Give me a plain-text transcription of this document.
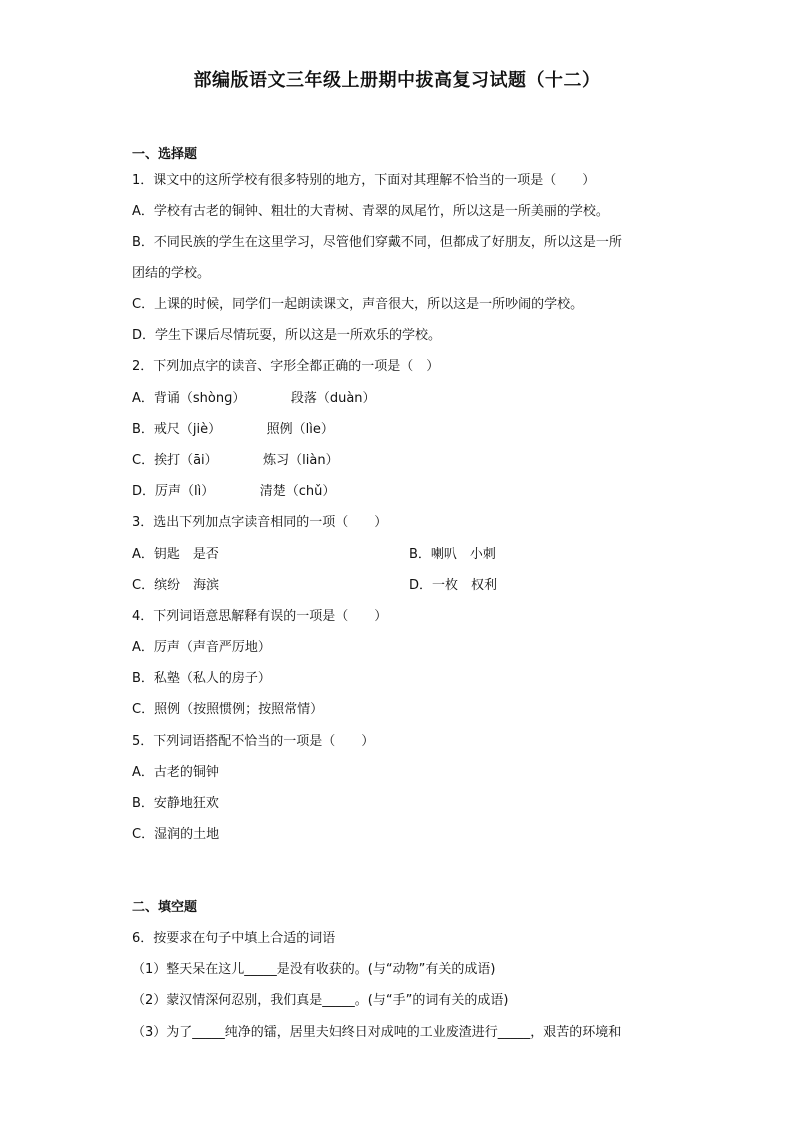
部编版语文三年级上册期中拔高复习试题（十二）
一、选择题
1．课文中的这所学校有很多特别的地方，下面对其理解不恰当的一项是（　　）
A．学校有古老的铜钟、粗壮的大青树、青翠的凤尾竹，所以这是一所美丽的学校。
B．不同民族的学生在这里学习，尽管他们穿戴不同，但都成了好朋友，所以这是一所
团结的学校。
C．上课的时候，同学们一起朗读课文，声音很大，所以这是一所吵闹的学校。
D．学生下课后尽情玩耍，所以这是一所欢乐的学校。
2．下列加点字的读音、字形全都正确的一项是（　）
A．背诵（shònɡ）　　　　段落（duàn）
B．戒尺（jiè）　　　　照例（lìe）
C．挨打（āi）　　　　炼习（liàn）
D．厉声（lì）　　　　清楚（chǔ）
3．选出下列加点字读音相同的一项（　　）
A．钥匙　是否	B．喇叭　小刺
C．缤纷　海滨	D．一枚　权利
4．下列词语意思解释有误的一项是（　　）
A．厉声（声音严厉地）
B．私塾（私人的房子）
C．照例（按照惯例；按照常情）
5．下列词语搭配不恰当的一项是（　　）
A．古老的铜钟
B．安静地狂欢
C．湿润的土地
二、填空题
6．按要求在句子中填上合适的词语
（1）整天呆在这儿_____是没有收获的。(与“动物”有关的成语)
（2）蒙汉情深何忍别，我们真是_____。(与“手”的词有关的成语)
（3）为了_____纯净的镭，居里夫妇终日对成吨的工业废渣进行_____，艰苦的环境和
